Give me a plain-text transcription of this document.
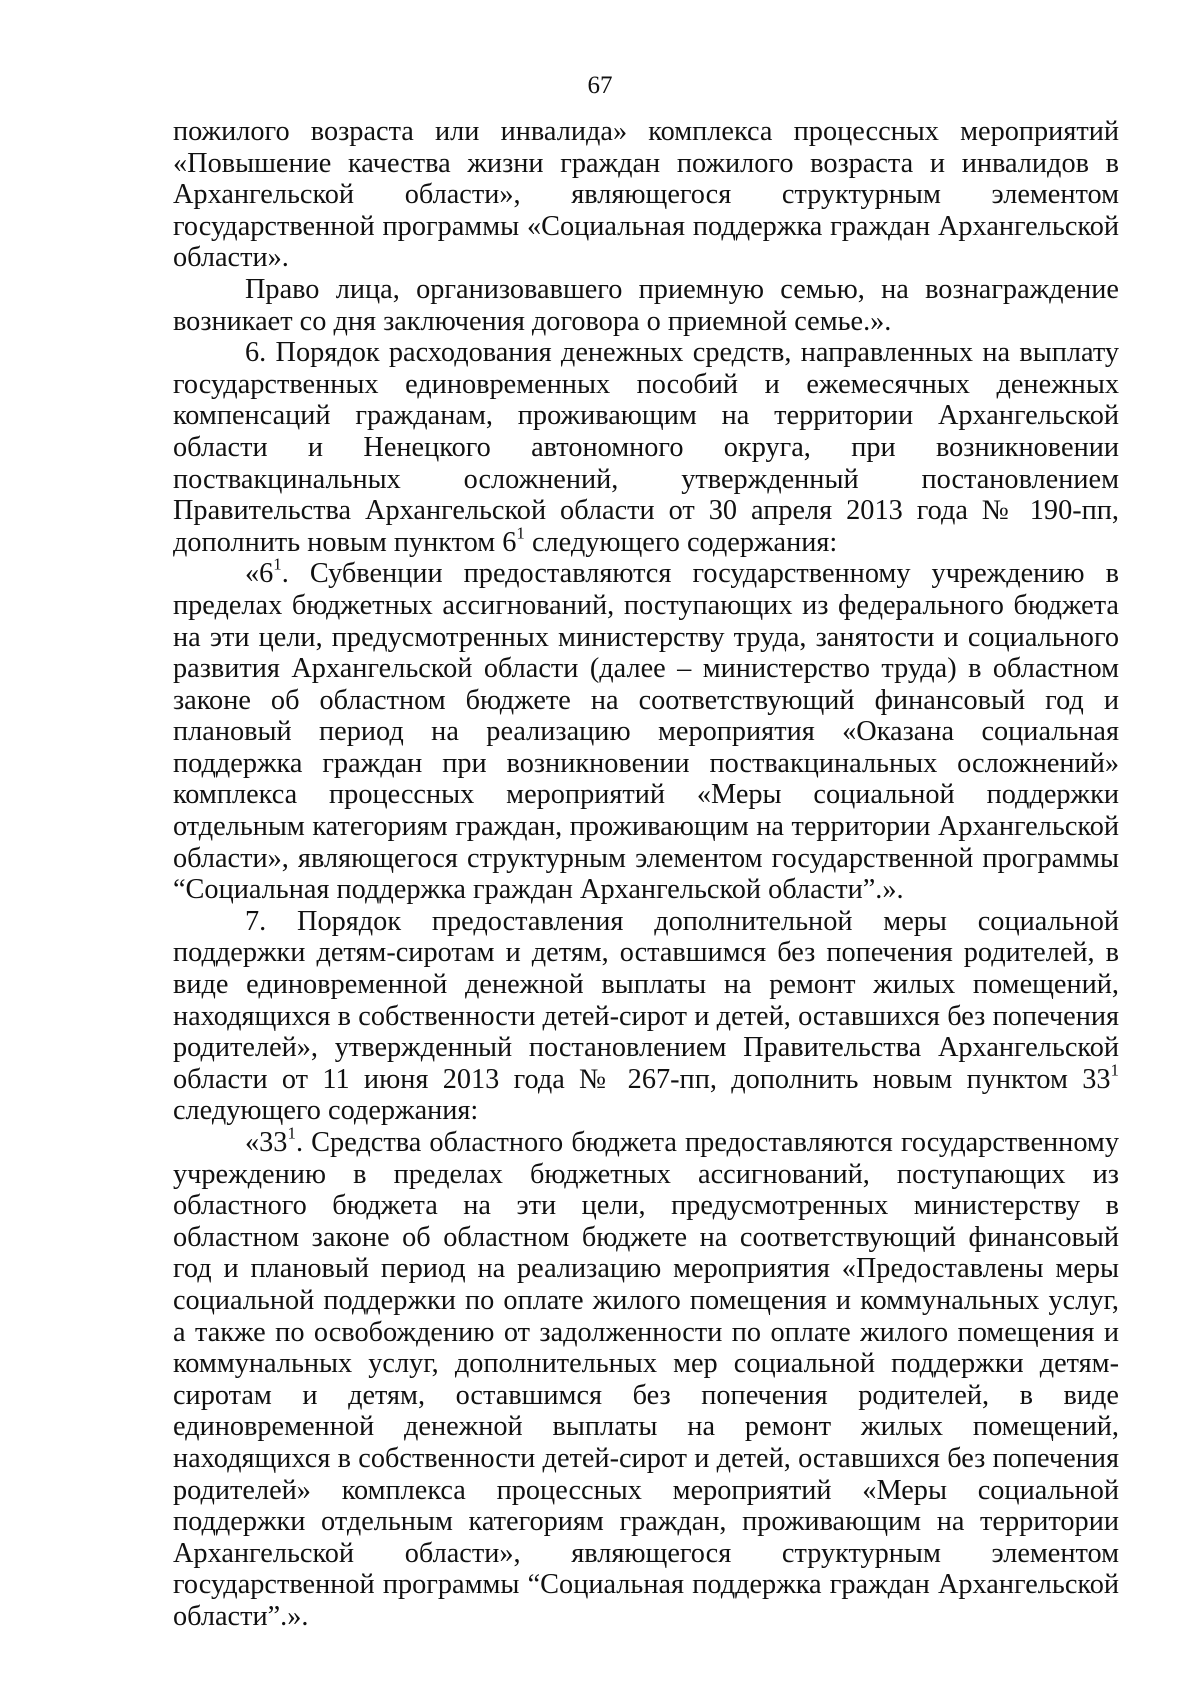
67

пожилого возраста или инвалида» комплекса процессных мероприятий «Повышение качества жизни граждан пожилого возраста и инвалидов в Архангельской области», являющегося структурным элементом государственной программы «Социальная поддержка граждан Архангельской области».

Право лица, организовавшего приемную семью, на вознаграждение возникает со дня заключения договора о приемной семье.».

6. Порядок расходования денежных средств, направленных на выплату государственных единовременных пособий и ежемесячных денежных компенсаций гражданам, проживающим на территории Архангельской области и Ненецкого автономного округа, при возникновении поствакцинальных осложнений, утвержденный постановлением Правительства Архангельской области от 30 апреля 2013 года № 190-пп, дополнить новым пунктом $6^1$ следующего содержания:

«$6^1$. Субвенции предоставляются государственному учреждению в пределах бюджетных ассигнований, поступающих из федерального бюджета на эти цели, предусмотренных министерству труда, занятости и социального развития Архангельской области (далее – министерство труда) в областном законе об областном бюджете на соответствующий финансовый год и плановый период на реализацию мероприятия «Оказана социальная поддержка граждан при возникновении поствакцинальных осложнений» комплекса процессных мероприятий «Меры социальной поддержки отдельным категориям граждан, проживающим на территории Архангельской области», являющегося структурным элементом государственной программы “Социальная поддержка граждан Архангельской области”.».

7. Порядок предоставления дополнительной меры социальной поддержки детям-сиротам и детям, оставшимся без попечения родителей, в виде единовременной денежной выплаты на ремонт жилых помещений, находящихся в собственности детей-сирот и детей, оставшихся без попечения родителей», утвержденный постановлением Правительства Архангельской области от 11 июня 2013 года № 267-пп, дополнить новым пунктом $33^1$ следующего содержания:

«$33^1$. Средства областного бюджета предоставляются государственному учреждению в пределах бюджетных ассигнований, поступающих из областного бюджета на эти цели, предусмотренных министерству в областном законе об областном бюджете на соответствующий финансовый год и плановый период на реализацию мероприятия «Предоставлены меры социальной поддержки по оплате жилого помещения и коммунальных услуг, а также по освобождению от задолженности по оплате жилого помещения и коммунальных услуг, дополнительных мер социальной поддержки детям-сиротам и детям, оставшимся без попечения родителей, в виде единовременной денежной выплаты на ремонт жилых помещений, находящихся в собственности детей-сирот и детей, оставшихся без попечения родителей» комплекса процессных мероприятий «Меры социальной поддержки отдельным категориям граждан, проживающим на территории Архангельской области», являющегося структурным элементом государственной программы “Социальная поддержка граждан Архангельской области”.».
